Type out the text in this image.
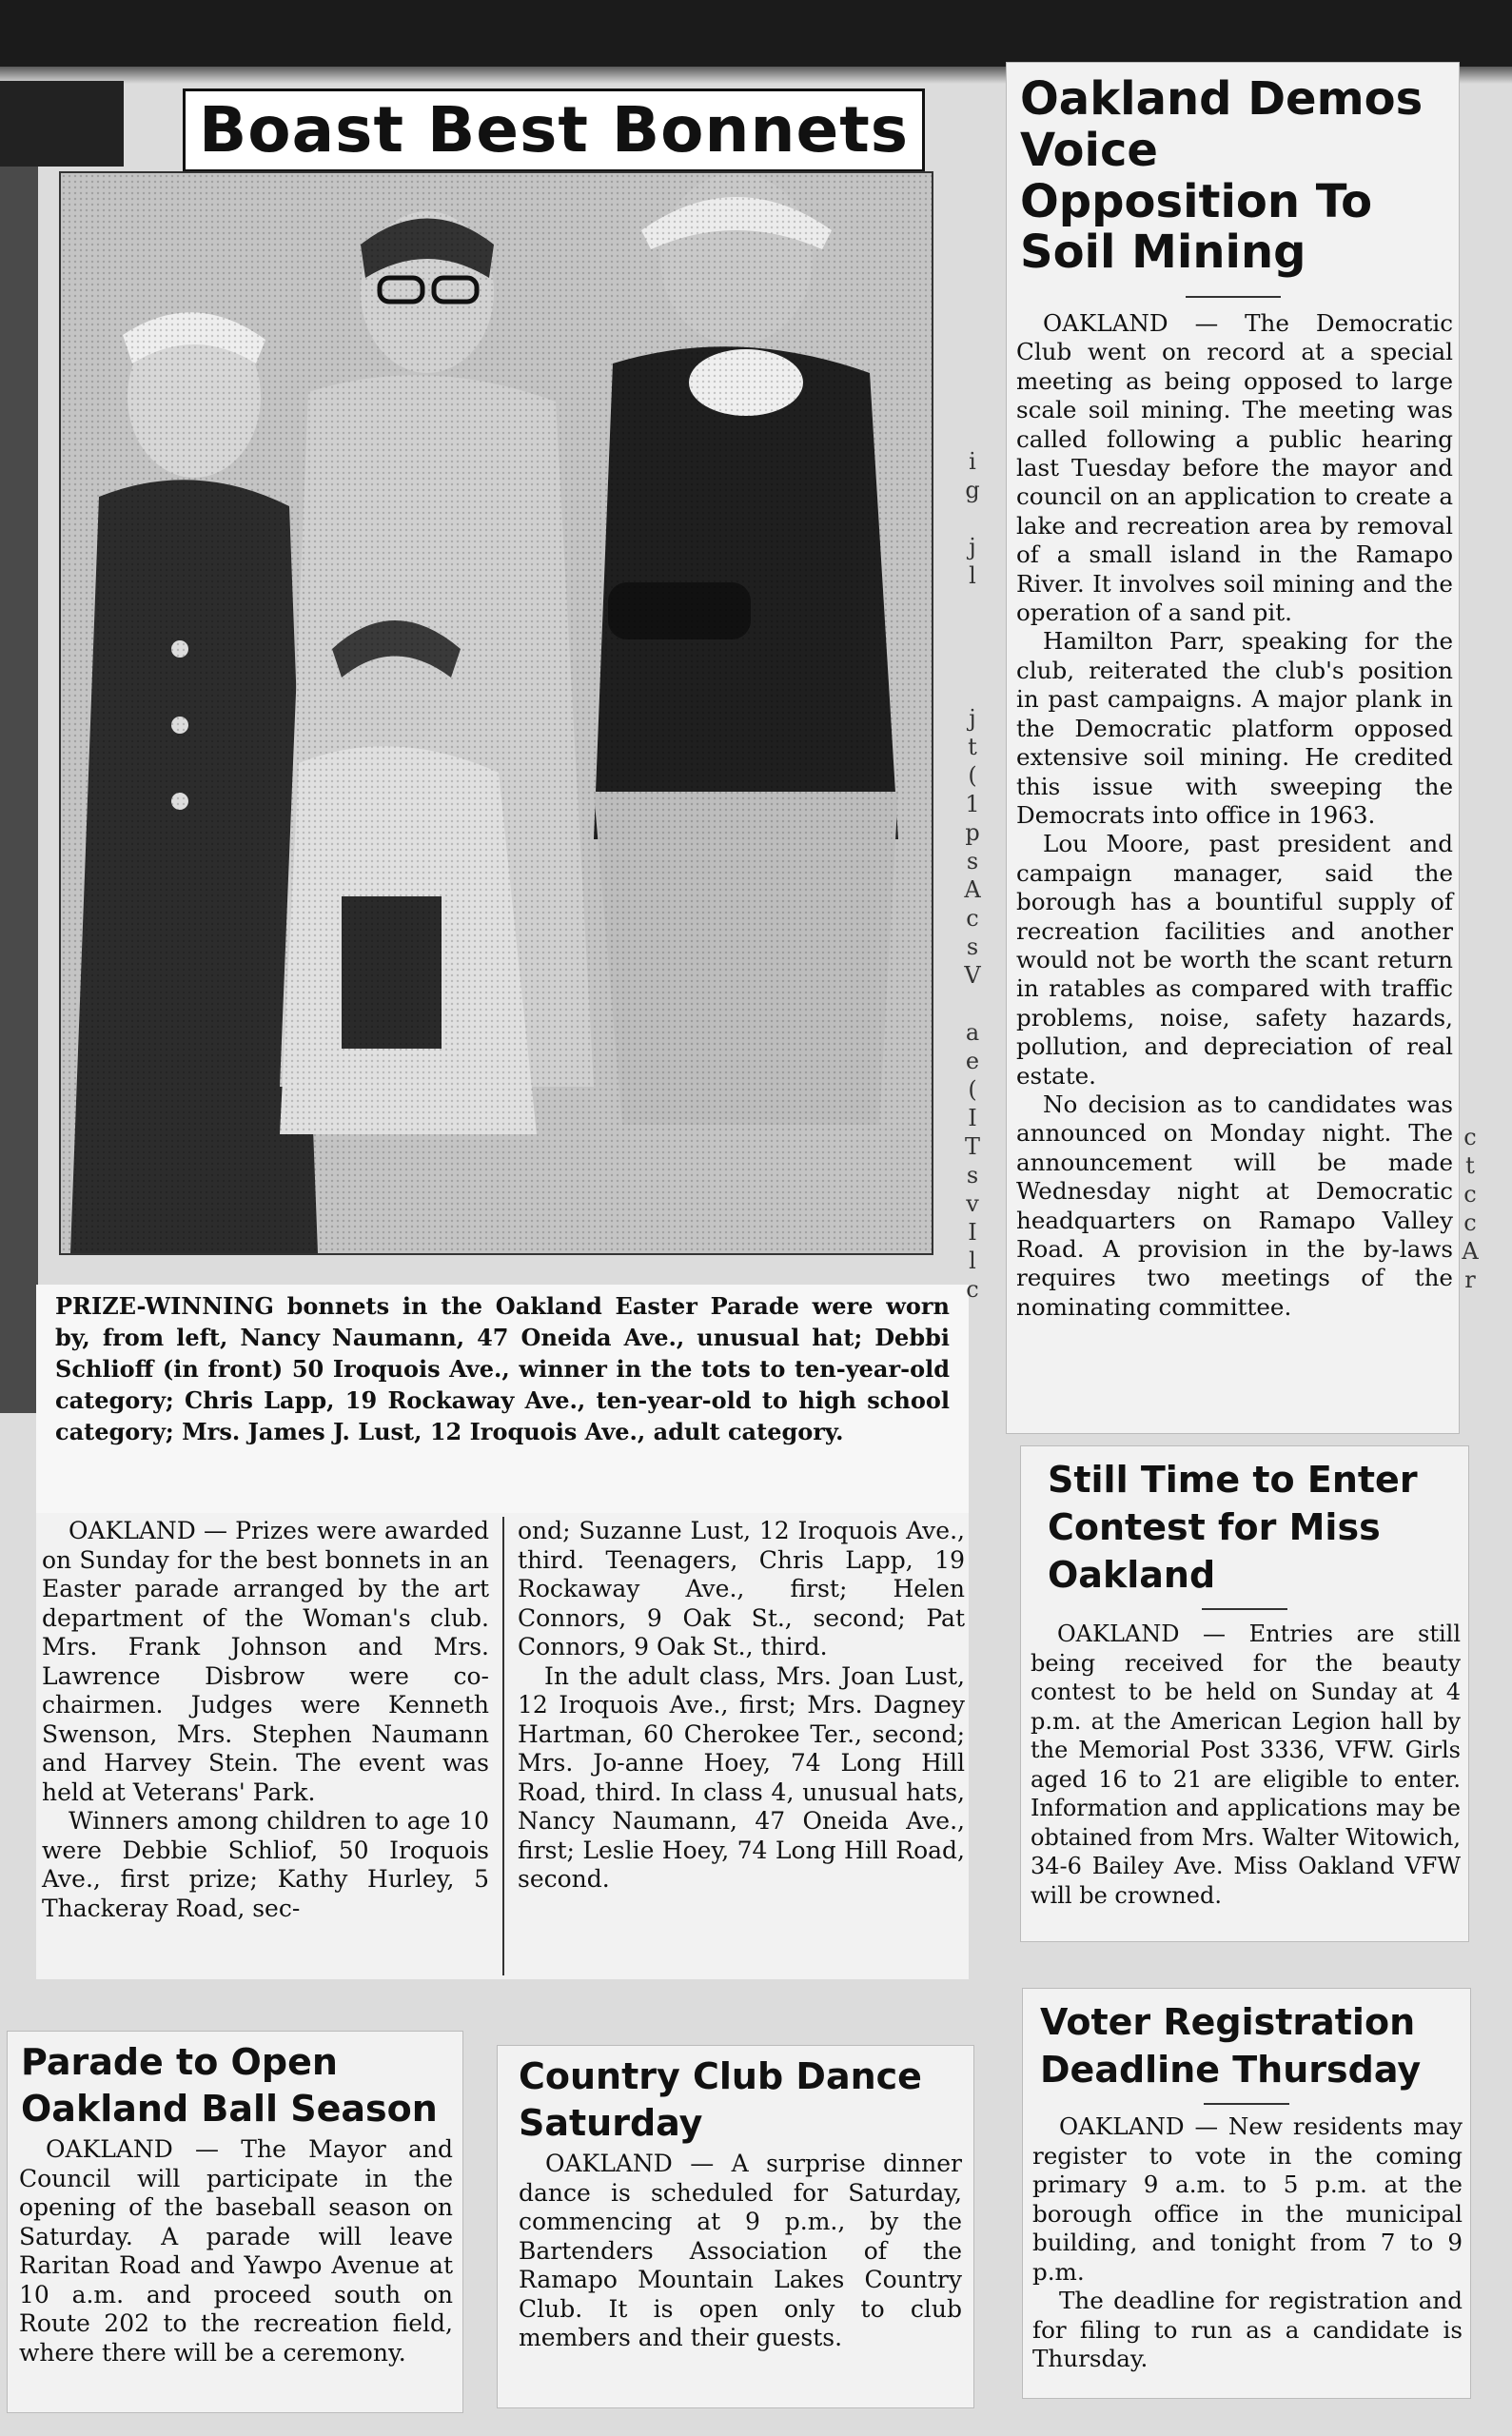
Boast Best Bonnets

PRIZE-WINNING bonnets in the Oakland Easter Parade were worn by, from left, Nancy Naumann, 47 Oneida Ave., unusual hat; Debbi Schlioff (in front) 50 Iroquois Ave., winner in the tots to ten-year-old category; Chris Lapp, 19 Rockaway Ave., ten-year-old to high school category; Mrs. James J. Lust, 12 Iroquois Ave., adult category.

OAKLAND — Prizes were awarded on Sunday for the best bonnets in an Easter parade arranged by the art department of the Woman's club. Mrs. Frank Johnson and Mrs. Lawrence Disbrow were co-chairmen. Judges were Kenneth Swenson, Mrs. Stephen Naumann and Harvey Stein. The event was held at Veterans' Park.

Winners among children to age 10 were Debbie Schliof, 50 Iroquois Ave., first prize; Kathy Hurley, 5 Thackeray Road, sec-

ond; Suzanne Lust, 12 Iroquois Ave., third. Teenagers, Chris Lapp, 19 Rockaway Ave., first; Helen Connors, 9 Oak St., second; Pat Connors, 9 Oak St., third.

In the adult class, Mrs. Joan Lust, 12 Iroquois Ave., first; Mrs. Dagney Hartman, 60 Cherokee Ter., second; Mrs. Jo-anne Hoey, 74 Long Hill Road, third. In class 4, unusual hats, Nancy Naumann, 47 Oneida Ave., first; Leslie Hoey, 74 Long Hill Road, second.

Oakland Demos Voice Opposition To Soil Mining

OAKLAND — The Democratic Club went on record at a special meeting as being opposed to large scale soil mining. The meeting was called following a public hearing last Tuesday before the mayor and council on an application to create a lake and recreation area by removal of a small island in the Ramapo River. It involves soil mining and the operation of a sand pit.

Hamilton Parr, speaking for the club, reiterated the club's position in past campaigns. A major plank in the Democratic platform opposed extensive soil mining. He credited this issue with sweeping the Democrats into office in 1963.

Lou Moore, past president and campaign manager, said the borough has a bountiful supply of recreation facilities and another would not be worth the scant return in ratables as compared with traffic problems, noise, safety hazards, pollution, and depreciation of real estate.

No decision as to candidates was announced on Monday night. The announcement will be made Wednesday night at Democratic headquarters on Ramapo Valley Road. A provision in the by-laws requires two meetings of the nominating committee.

Still Time to Enter Contest for Miss Oakland

OAKLAND — Entries are still being received for the beauty contest to be held on Sunday at 4 p.m. at the American Legion hall by the Memorial Post 3336, VFW. Girls aged 16 to 21 are eligible to enter. Information and applications may be obtained from Mrs. Walter Witowich, 34-6 Bailey Ave. Miss Oakland VFW will be crowned.

Parade to Open Oakland Ball Season

OAKLAND — The Mayor and Council will participate in the opening of the baseball season on Saturday. A parade will leave Raritan Road and Yawpo Avenue at 10 a.m. and proceed south on Route 202 to the recreation field, where there will be a ceremony.

Country Club Dance Saturday

OAKLAND — A surprise dinner dance is scheduled for Saturday, commencing at 9 p.m., by the Bartenders Association of the Ramapo Mountain Lakes Country Club. It is open only to club members and their guests.

Voter Registration Deadline Thursday

OAKLAND — New residents may register to vote in the coming primary 9 a.m. to 5 p.m. at the borough office in the municipal building, and tonight from 7 to 9 p.m.

The deadline for registration and for filing to run as a candidate is Thursday.

i
g

j
l

j
t
(
1
p
s
A
c
s
V

a
e
(
I
T
s
v
I
l
c
c
t
c
c
A
r
